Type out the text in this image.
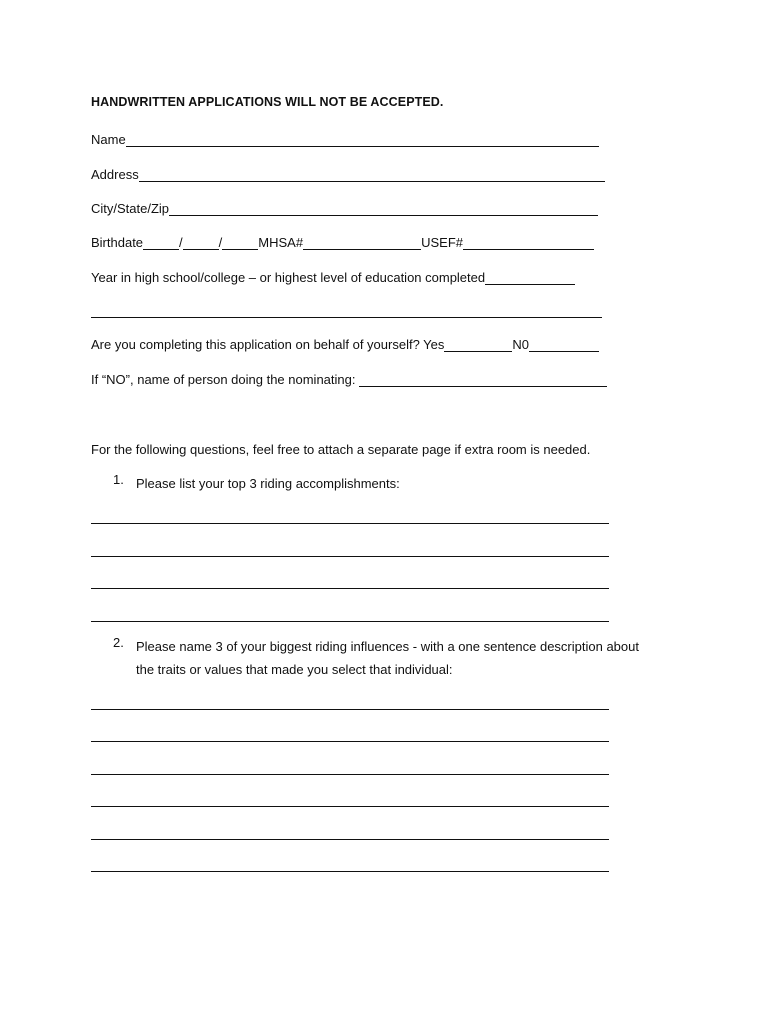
HANDWRITTEN APPLICATIONS WILL NOT BE ACCEPTED.
Name
Address
City/State/Zip
Birthdate	/	/	MHSA#	USEF#
Year in high school/college – or highest level of education completed
Are you completing this application on behalf of yourself? Yes	N0
If “NO”, name of person doing the nominating:
For the following questions, feel free to attach a separate page if extra room is needed.
1. Please list your top 3 riding accomplishments:
2. Please name 3 of your biggest riding influences - with a one sentence description about
the traits or values that made you select that individual:
